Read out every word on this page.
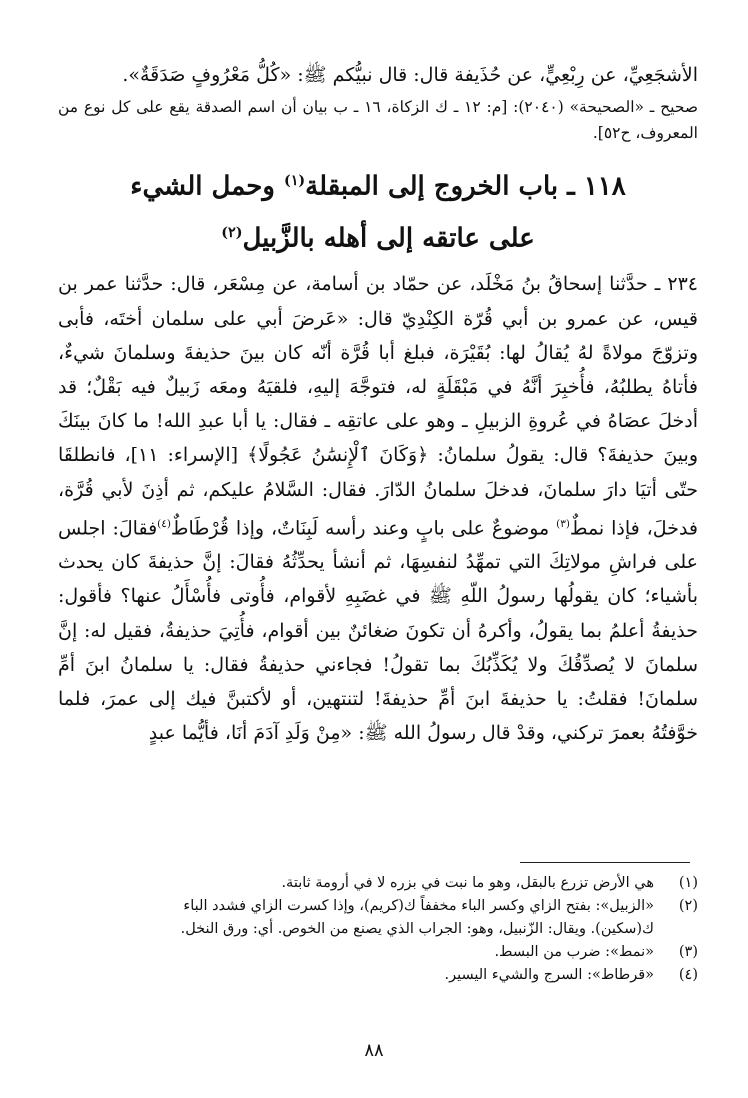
الأشجَعِيِّ، عن رِبْعِيٍّ، عن حُذَيفة قال: قال نبيُّكم ﷺ: «كُلُّ مَعْرُوفٍ صَدَقَةٌ».

صحيح ـ «الصحيحة» (٢٠٤٠): [م: ١٢ ـ ك الزكاة، ١٦ ـ ب بيان أن اسم الصدقة يقع على كل نوع من المعروف، ح٥٢].

١١٨ ـ باب الخروج إلى المبقلة$^{(١)}$ وحمل الشيء
على عاتقه إلى أهله بالزَّبيل$^{(٢)}$

٢٣٤ ـ حدَّثنا إسحاقُ بنُ مَخْلَد، عن حمّاد بن أسامة، عن مِسْعَر، قال: حدَّثنا عمر بن قيس، عن عمرو بن أبي قُرّة الكِنْدِيّ قال: «عَرضَ أبي على سلمان أختَه، فأبى وتزوّجَ مولاةً لهُ يُقالُ لها: بُقَيْرَة، فبلغ أبا قُرَّة أنّه كان بينَ حذيفةَ وسلمانَ شيءٌ، فأتاهُ يطلبُهُ، فأُخبِرَ أنَّهُ في مَبْقَلَةٍ له، فتوجَّهَ إليهِ، فلقيَهُ ومعَه زَبيلٌ فيه بَقْلٌ؛ قد أدخلَ عصَاهُ في عُروةِ الزبيلِ ـ وهو على عاتقِه ـ فقال: يا أبا عبدِ الله! ما كانَ بينَكَ وبينَ حذيفةَ؟ قال: يقولُ سلمانُ: ﴿وَكَانَ ٱلْإِنسَٰنُ عَجُولًا﴾ [الإسراء: ١١]، فانطلقَا حتّى أتيَا دارَ سلمانَ، فدخلَ سلمانُ الدّارَ. فقال: السَّلامُ عليكم، ثم أذِنَ لأبي قُرَّة، فدخلَ، فإذا نمطٌ$^{(٣)}$ موضوعٌ على بابٍ وعند رأسه لَبِنَاتٌ، وإذا قُرْطَاطٌ$^{(٤)}$فقالَ: اجلس على فراشِ مولاتِكَ التي تمهِّدُ لنفسِهَا، ثم أنشأ يحدِّثُهُ فقالَ: إنَّ حذيفةَ كان يحدث بأشياء؛ كان يقولُها رسولُ اللّهِ ﷺ في غضَبِهِ لأقوام، فأُوتى فأُسْأَلُ عنها؟ فأقول: حذيفةُ أعلمُ بما يقولُ، وأكرهُ أن تكونَ ضغائنٌ بين أقوام، فأُتِيَ حذيفةُ، فقيل له: إنَّ سلمانَ لا يُصدِّقُكَ ولا يُكَذِّبُكَ بما تقولُ! فجاءني حذيفةُ فقال: يا سلمانُ ابنَ أمِّ سلمانَ! فقلتُ: يا حذيفةَ ابنَ أمِّ حذيفةَ! لتنتهين، أو لأكتبنَّ فيك إلى عمرَ، فلما خوَّفتُهُ بعمرَ تركني، وقدْ قال رسولُ الله ﷺ: «مِنْ وَلَدِ آدَمَ أنَا، فأيُّما عبدٍ

(١)
هي الأرض تزرع بالبقل، وهو ما نبت في بزره لا في أرومة ثابتة.
(٢)
«الزبيل»: بفتح الزاي وكسر الباء مخففاً ك(كريم)، وإذا كسرت الزاي فشدد الباء
ك(سكين). ويقال: الزّنبيل، وهو: الجراب الذي يصنع من الخوص. أي: ورق النخل.
(٣)
«نمط»: ضرب من البسط.
(٤)
«قرطاط»: السرج والشيء اليسير.
٨٨
